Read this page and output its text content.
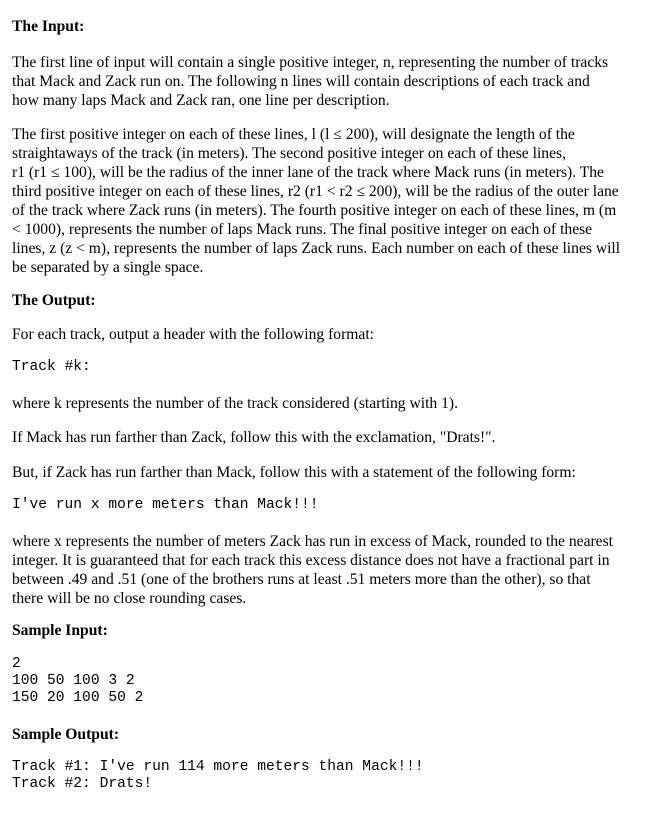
The Input:
The first line of input will contain a single positive integer, n, representing the number of tracks
that Mack and Zack run on. The following n lines will contain descriptions of each track and
how many laps Mack and Zack ran, one line per description.
The first positive integer on each of these lines, l (l ≤ 200), will designate the length of the
straightaways of the track (in meters). The second positive integer on each of these lines,
r1 (r1 ≤ 100), will be the radius of the inner lane of the track where Mack runs (in meters). The
third positive integer on each of these lines, r2 (r1 < r2 ≤ 200), will be the radius of the outer lane
of the track where Zack runs (in meters). The fourth positive integer on each of these lines, m (m
< 1000), represents the number of laps Mack runs. The final positive integer on each of these
lines, z (z < m), represents the number of laps Zack runs. Each number on each of these lines will
be separated by a single space.
The Output:
For each track, output a header with the following format:
Track #k:
where k represents the number of the track considered (starting with 1).
If Mack has run farther than Zack, follow this with the exclamation, "Drats!".
But, if Zack has run farther than Mack, follow this with a statement of the following form:
I've run x more meters than Mack!!!
where x represents the number of meters Zack has run in excess of Mack, rounded to the nearest
integer. It is guaranteed that for each track this excess distance does not have a fractional part in
between .49 and .51 (one of the brothers runs at least .51 meters more than the other), so that
there will be no close rounding cases.
Sample Input:
2
100 50 100 3 2
150 20 100 50 2
Sample Output:
Track #1: I've run 114 more meters than Mack!!!
Track #2: Drats!
